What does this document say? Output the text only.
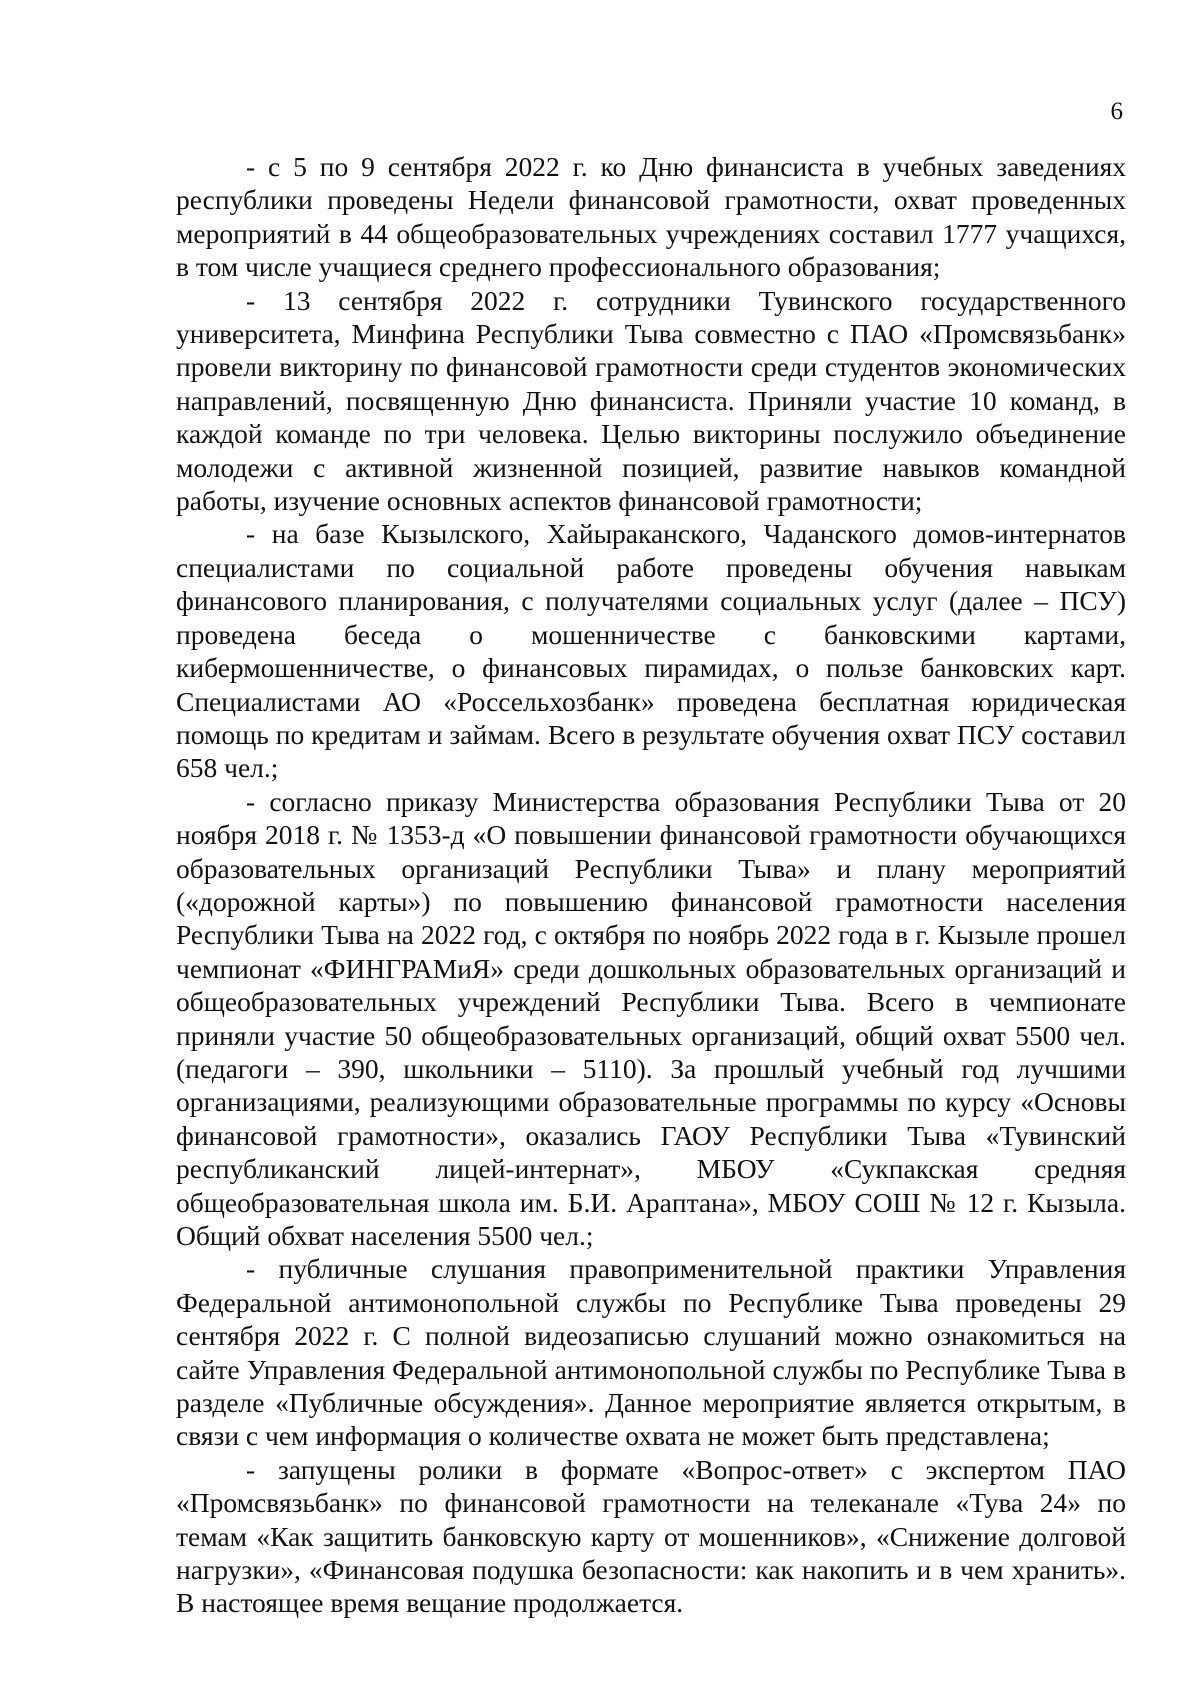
6

- с 5 по 9 сентября 2022 г. ко Дню финансиста в учебных заведениях республики проведены Недели финансовой грамотности, охват проведенных мероприятий в 44 общеобразовательных учреждениях составил 1777 учащихся, в том числе учащиеся среднего профессионального образования;

- 13 сентября 2022 г. сотрудники Тувинского государственного университета, Минфина Республики Тыва совместно с ПАО «Промсвязьбанк» провели викторину по финансовой грамотности среди студентов экономических направлений, посвященную Дню финансиста. Приняли участие 10 команд, в каждой команде по три человека. Целью викторины послужило объединение молодежи с активной жизненной позицией, развитие навыков командной работы, изучение основных аспектов финансовой грамотности;

- на базе Кызылского, Хайыраканского, Чаданского домов-интернатов специалистами по социальной работе проведены обучения навыкам финансового планирования, с получателями социальных услуг (далее – ПСУ) проведена беседа о мошенничестве с банковскими картами, кибермошенничестве, о финансовых пирамидах, о пользе банковских карт. Специалистами АО «Россельхозбанк» проведена бесплатная юридическая помощь по кредитам и займам. Всего в результате обучения охват ПСУ составил 658 чел.;

- согласно приказу Министерства образования Республики Тыва от 20 ноября 2018 г. № 1353-д «О повышении финансовой грамотности обучающихся образовательных организаций Республики Тыва» и плану мероприятий («дорожной карты») по повышению финансовой грамотности населения Республики Тыва на 2022 год, с октября по ноябрь 2022 года в г. Кызыле прошел чемпионат «ФИНГРАМиЯ» среди дошкольных образовательных организаций и общеобразовательных учреждений Республики Тыва. Всего в чемпионате приняли участие 50 общеобразовательных организаций, общий охват 5500 чел. (педагоги – 390, школьники – 5110). За прошлый учебный год лучшими организациями, реализующими образовательные программы по курсу «Основы финансовой грамотности», оказались ГАОУ Республики Тыва «Тувинский республиканский лицей-интернат», МБОУ «Сукпакская средняя общеобразовательная школа им. Б.И. Арaптана», МБОУ СОШ № 12 г. Кызыла. Общий обхват населения 5500 чел.;

- публичные слушания правоприменительной практики Управления Федеральной антимонопольной службы по Республике Тыва проведены 29 сентября 2022 г. С полной видеозаписью слушаний можно ознакомиться на сайте Управления Федеральной антимонопольной службы по Республике Тыва в разделе «Публичные обсуждения». Данное мероприятие является открытым, в связи с чем информация о количестве охвата не может быть представлена;

- запущены ролики в формате «Вопрос-ответ» с экспертом ПАО «Промсвязьбанк» по финансовой грамотности на телеканале «Тува 24» по темам «Как защитить банковскую карту от мошенников», «Снижение долговой нагрузки», «Финансовая подушка безопасности: как накопить и в чем хранить». В настоящее время вещание продолжается.
